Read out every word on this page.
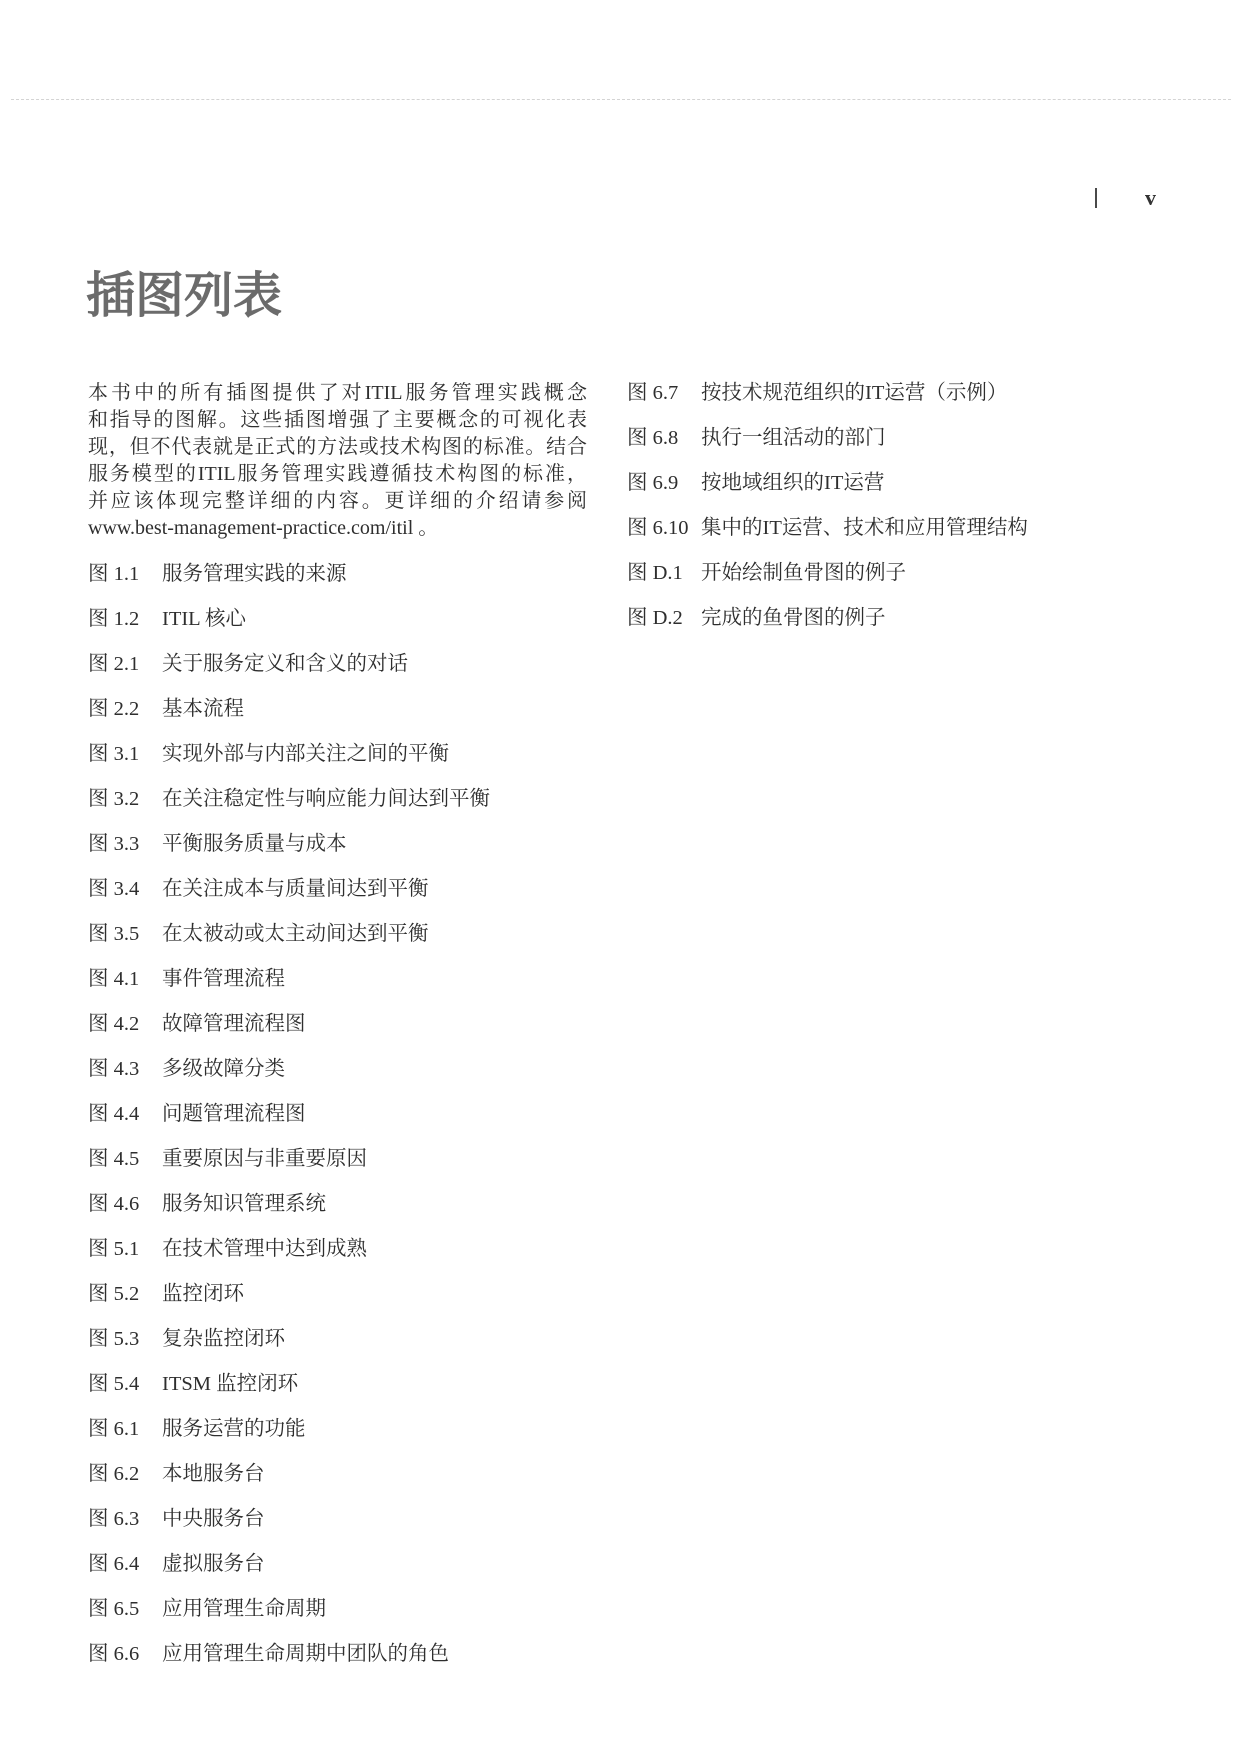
v
插图列表
本书中的所有插图提供了对ITIL服务管理实践概念
和指导的图解。这些插图增强了主要概念的可视化表
现，但不代表就是正式的方法或技术构图的标准。结合
服务模型的ITIL服务管理实践遵循技术构图的标准，
并应该体现完整详细的内容。更详细的介绍请参阅
www.best-management-practice.com/itil 。
图 1.1 服务管理实践的来源
图 1.2 ITIL 核心
图 2.1 关于服务定义和含义的对话
图 2.2 基本流程
图 3.1 实现外部与内部关注之间的平衡
图 3.2 在关注稳定性与响应能力间达到平衡
图 3.3 平衡服务质量与成本
图 3.4 在关注成本与质量间达到平衡
图 3.5 在太被动或太主动间达到平衡
图 4.1 事件管理流程
图 4.2 故障管理流程图
图 4.3 多级故障分类
图 4.4 问题管理流程图
图 4.5 重要原因与非重要原因
图 4.6 服务知识管理系统
图 5.1 在技术管理中达到成熟
图 5.2 监控闭环
图 5.3 复杂监控闭环
图 5.4 ITSM 监控闭环
图 6.1 服务运营的功能
图 6.2 本地服务台
图 6.3 中央服务台
图 6.4 虚拟服务台
图 6.5 应用管理生命周期
图 6.6 应用管理生命周期中团队的角色
图 6.7 按技术规范组织的IT运营（示例）
图 6.8 执行一组活动的部门
图 6.9 按地域组织的IT运营
图 6.10 集中的IT运营、技术和应用管理结构
图 D.1 开始绘制鱼骨图的例子
图 D.2 完成的鱼骨图的例子
